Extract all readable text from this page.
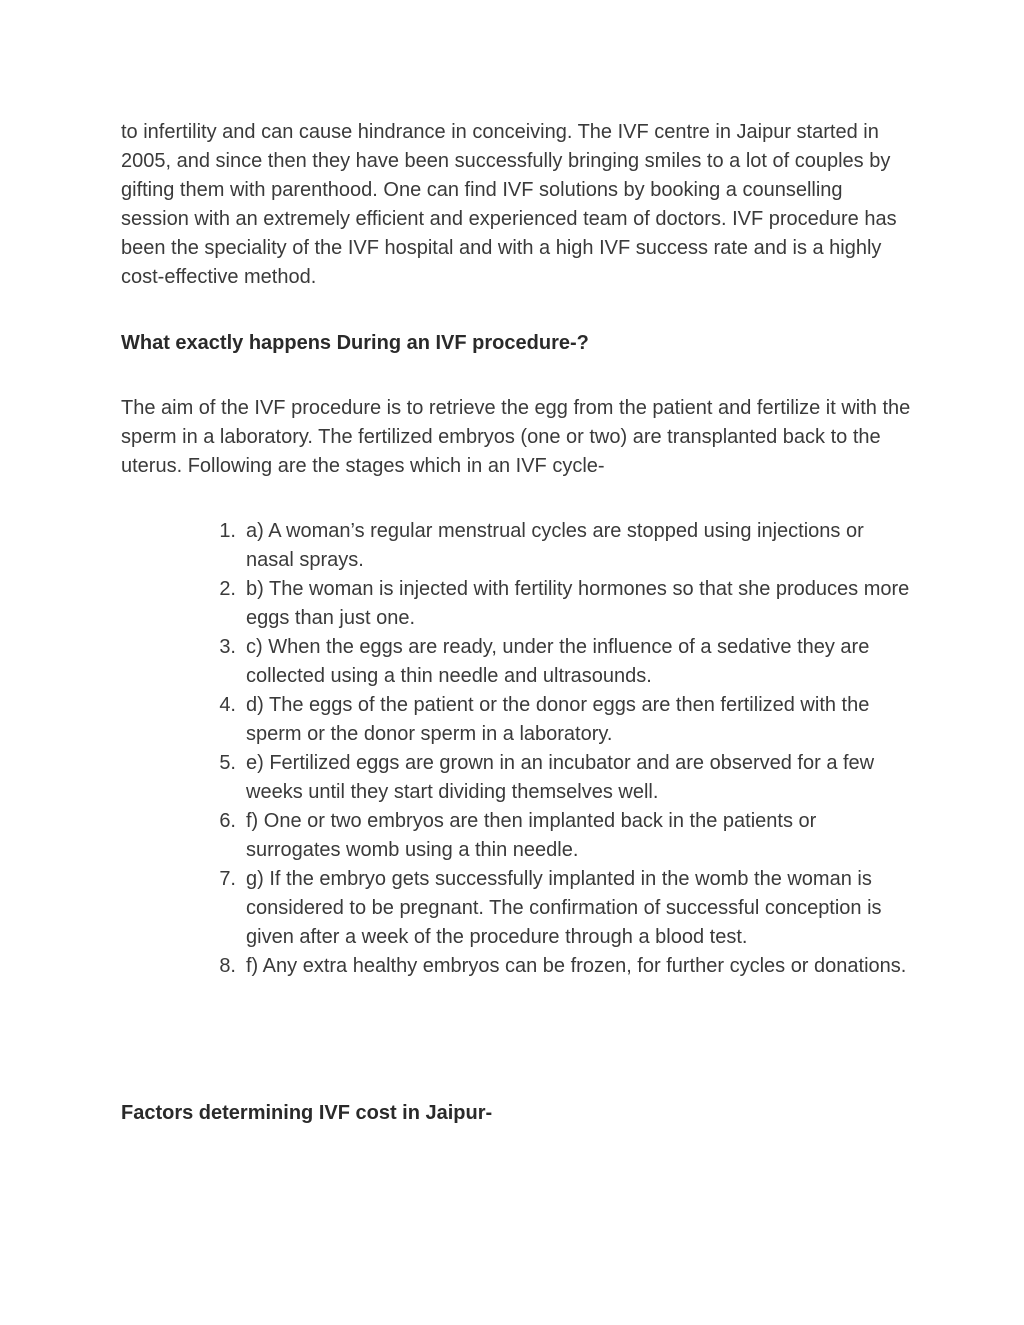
to infertility and can cause hindrance in conceiving. The IVF centre in Jaipur started in 2005, and since then they have been successfully bringing smiles to a lot of couples by gifting them with parenthood. One can find IVF solutions by booking a counselling session with an extremely efficient and experienced team of doctors. IVF procedure has been the speciality of the IVF hospital and with a high IVF success rate and is a highly cost-effective method.

What exactly happens During an IVF procedure-?

The aim of the IVF procedure is to retrieve the egg from the patient and fertilize it with the sperm in a laboratory. The fertilized embryos (one or two) are transplanted back to the uterus. Following are the stages which in an IVF cycle-

1. a) A woman’s regular menstrual cycles are stopped using injections or nasal sprays.
2. b) The woman is injected with fertility hormones so that she produces more eggs than just one.
3. c) When the eggs are ready, under the influence of a sedative they are collected using a thin needle and ultrasounds.
4. d) The eggs of the patient or the donor eggs are then fertilized with the sperm or the donor sperm in a laboratory.
5. e) Fertilized eggs are grown in an incubator and are observed for a few weeks until they start dividing themselves well.
6. f) One or two embryos are then implanted back in the patients or surrogates womb using a thin needle.
7. g) If the embryo gets successfully implanted in the womb the woman is considered to be pregnant. The confirmation of successful conception is given after a week of the procedure through a blood test.
8. f) Any extra healthy embryos can be frozen, for further cycles or donations.
Factors determining IVF cost in Jaipur-
